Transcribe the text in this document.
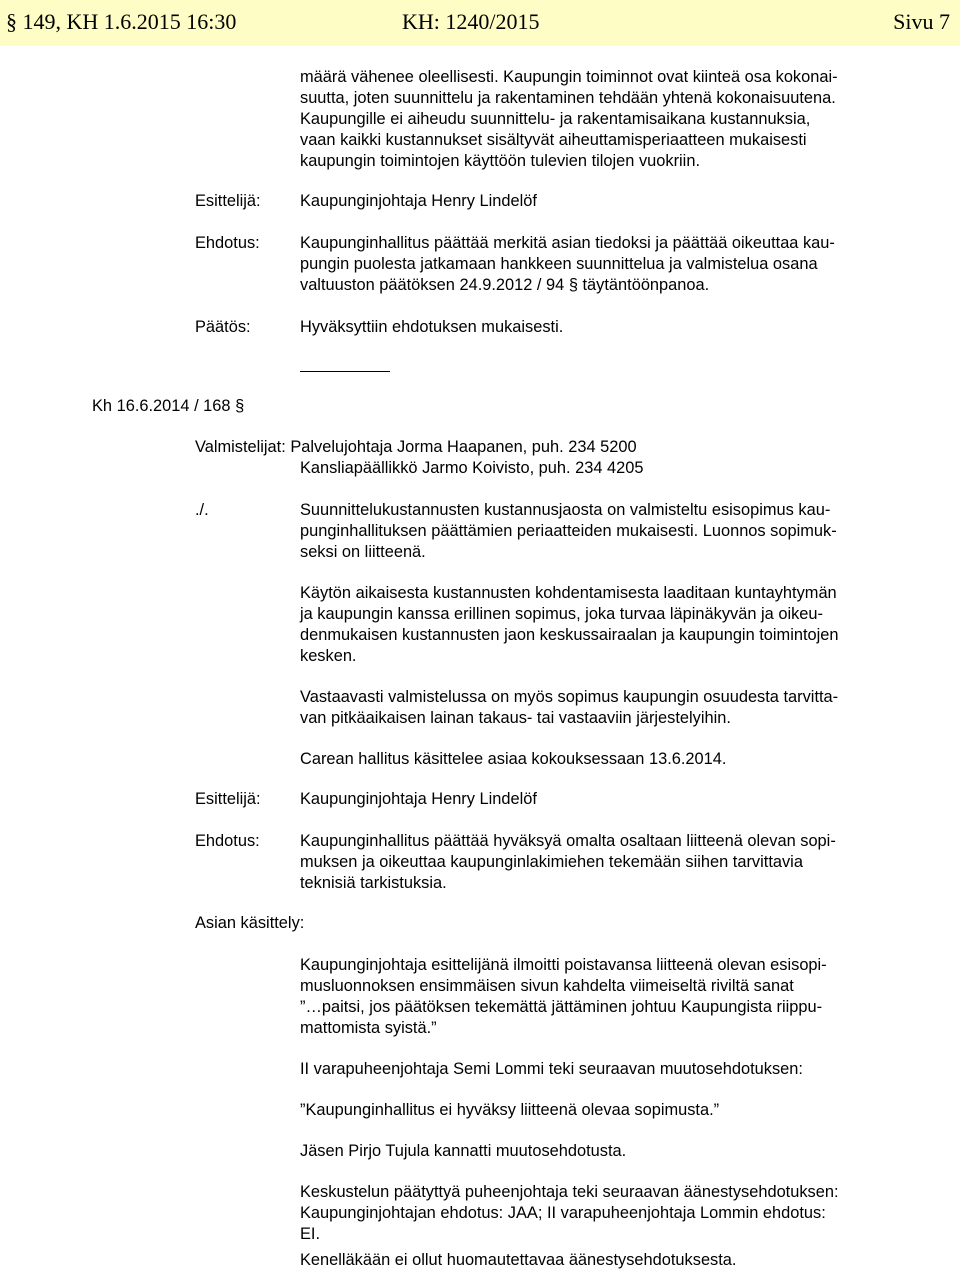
§ 149, KH 1.6.2015 16:30	KH: 1240/2015	Sivu 7
määrä vähenee oleellisesti. Kaupungin toiminnot ovat kiinteä osa kokonai-
suutta, joten suunnittelu ja rakentaminen tehdään yhtenä kokonaisuutena.
Kaupungille ei aiheudu suunnittelu- ja rakentamisaikana kustannuksia,
vaan kaikki kustannukset sisältyvät aiheuttamisperiaatteen mukaisesti
kaupungin toimintojen käyttöön tulevien tilojen vuokriin.
Esittelijä: Kaupunginjohtaja Henry Lindelöf
Ehdotus: Kaupunginhallitus päättää merkitä asian tiedoksi ja päättää oikeuttaa kau-
pungin puolesta jatkamaan hankkeen suunnittelua ja valmistelua osana
valtuuston päätöksen 24.9.2012 / 94 § täytäntöönpanoa.
Päätös:	Hyväksyttiin ehdotuksen mukaisesti.
Kh 16.6.2014 / 168 §
Valmistelijat: Palvelujohtaja Jorma Haapanen, puh. 234 5200
Kansliapäällikkö Jarmo Koivisto, puh. 234 4205
./.	Suunnittelukustannusten kustannusjaosta on valmisteltu esisopimus kau-
punginhallituksen päättämien periaatteiden mukaisesti. Luonnos sopimuk-
seksi on liitteenä.
Käytön aikaisesta kustannusten kohdentamisesta laaditaan kuntayhtymän
ja kaupungin kanssa erillinen sopimus, joka turvaa läpinäkyvän ja oikeu-
denmukaisen kustannusten jaon keskussairaalan ja kaupungin toimintojen
kesken.
Vastaavasti valmistelussa on myös sopimus kaupungin osuudesta tarvitta-
van pitkäaikaisen lainan takaus- tai vastaaviin järjestelyihin.
Carean hallitus käsittelee asiaa kokouksessaan 13.6.2014.
Esittelijä: Kaupunginjohtaja Henry Lindelöf
Ehdotus: Kaupunginhallitus päättää hyväksyä omalta osaltaan liitteenä olevan sopi-
muksen ja oikeuttaa kaupunginlakimiehen tekemään siihen tarvittavia
teknisiä tarkistuksia.
Asian käsittely:
Kaupunginjohtaja esittelijänä ilmoitti poistavansa liitteenä olevan esisopi-
musluonnoksen ensimmäisen sivun kahdelta viimeiseltä riviltä sanat
”…paitsi, jos päätöksen tekemättä jättäminen johtuu Kaupungista riippu-
mattomista syistä.”
II varapuheenjohtaja Semi Lommi teki seuraavan muutosehdotuksen:
”Kaupunginhallitus ei hyväksy liitteenä olevaa sopimusta.”
Jäsen Pirjo Tujula kannatti muutosehdotusta.
Keskustelun päätyttyä puheenjohtaja teki seuraavan äänestysehdotuksen:
Kaupunginjohtajan ehdotus: JAA; II varapuheenjohtaja Lommin ehdotus:
EI.
Kenelläkään ei ollut huomautettavaa äänestysehdotuksesta.
